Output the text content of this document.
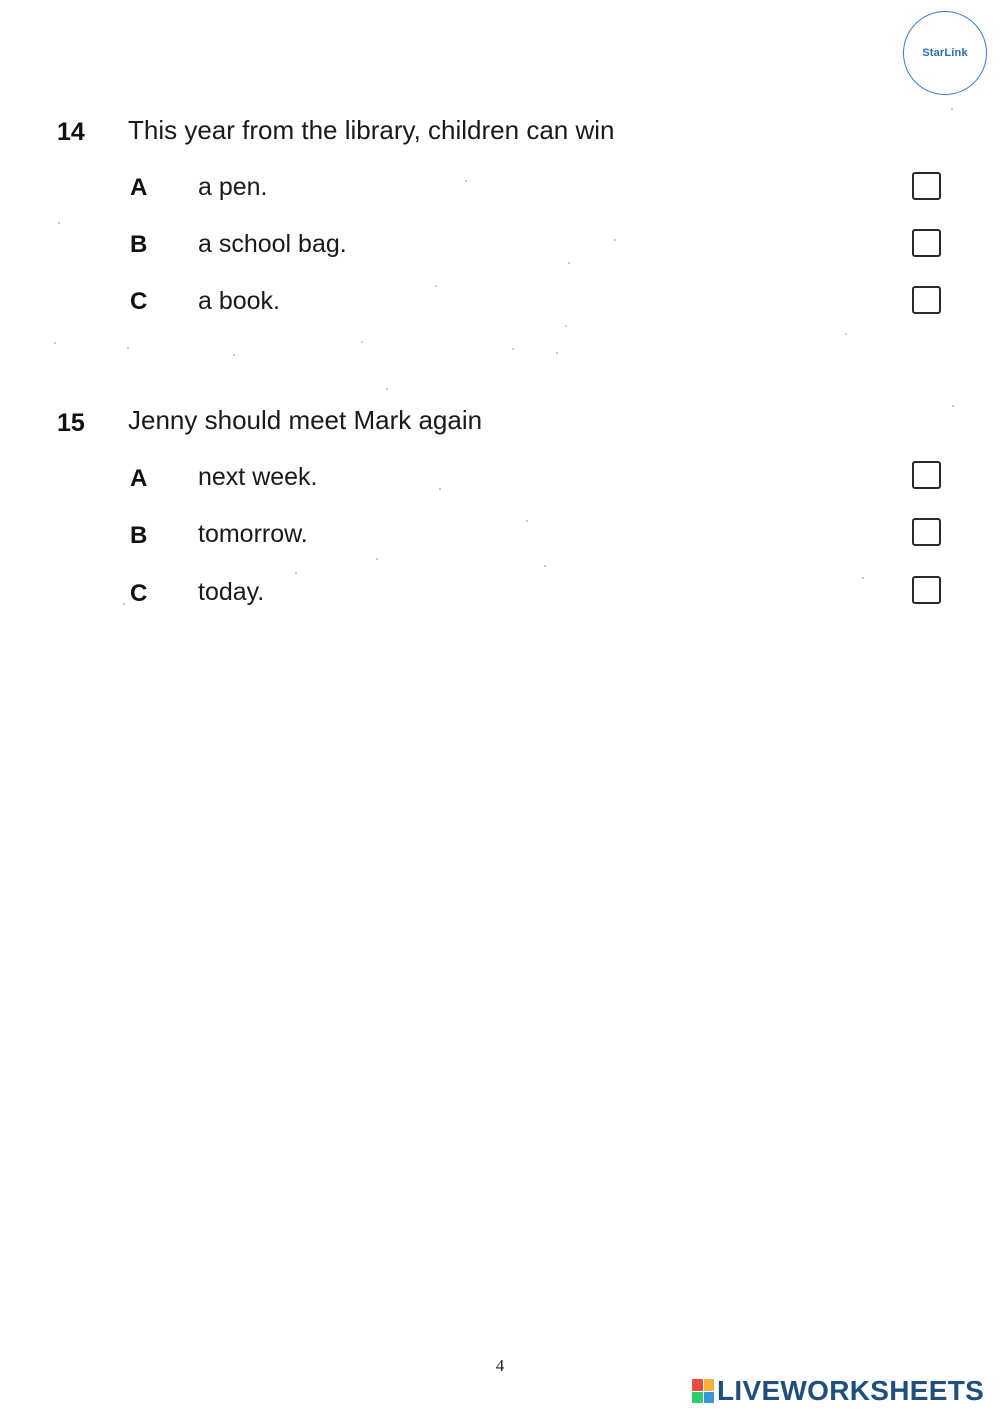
StarLink
14 This year from the library, children can win
A a pen.
B a school bag.
C a book.
15 Jenny should meet Mark again
A next week.
B tomorrow.
C today.
4
LIVEWORKSHEETS
